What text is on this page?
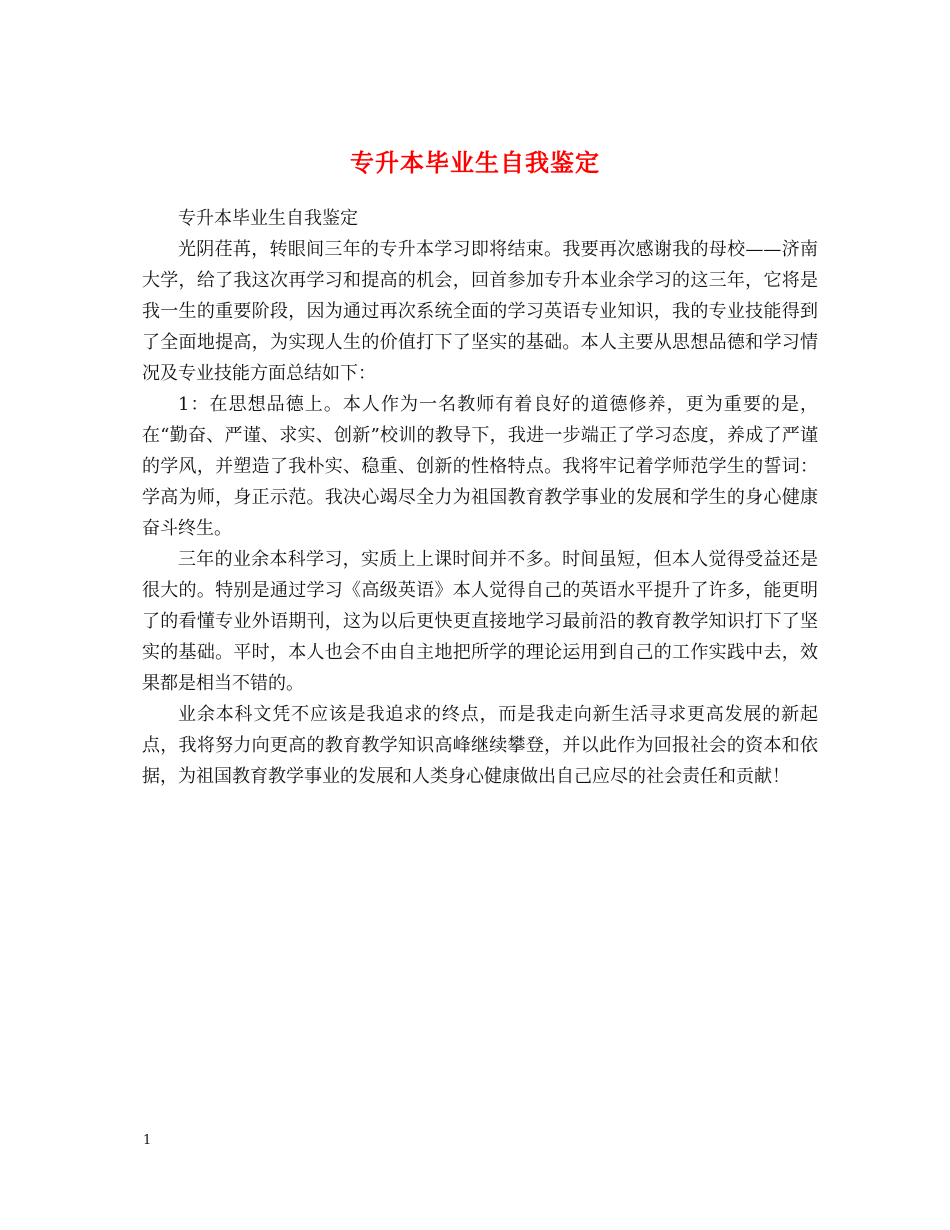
专升本毕业生自我鉴定

专升本毕业生自我鉴定

光阴荏苒，转眼间三年的专升本学习即将结束。我要再次感谢我的母校——济南大学，给了我这次再学习和提高的机会，回首参加专升本业余学习的这三年，它将是我一生的重要阶段，因为通过再次系统全面的学习英语专业知识，我的专业技能得到了全面地提高，为实现人生的价值打下了坚实的基础。本人主要从思想品德和学习情况及专业技能方面总结如下：

1：在思想品德上。本人作为一名教师有着良好的道德修养，更为重要的是，在“勤奋、严谨、求实、创新”校训的教导下，我进一步端正了学习态度，养成了严谨的学风，并塑造了我朴实、稳重、创新的性格特点。我将牢记着学师范学生的誓词：学高为师，身正示范。我决心竭尽全力为祖国教育教学事业的发展和学生的身心健康奋斗终生。

三年的业余本科学习，实质上上课时间并不多。时间虽短，但本人觉得受益还是很大的。特别是通过学习《高级英语》本人觉得自己的英语水平提升了许多，能更明了的看懂专业外语期刊，这为以后更快更直接地学习最前沿的教育教学知识打下了坚实的基础。平时，本人也会不由自主地把所学的理论运用到自己的工作实践中去，效果都是相当不错的。

业余本科文凭不应该是我追求的终点，而是我走向新生活寻求更高发展的新起点，我将努力向更高的教育教学知识高峰继续攀登，并以此作为回报社会的资本和依据，为祖国教育教学事业的发展和人类身心健康做出自己应尽的社会责任和贡献！

1
